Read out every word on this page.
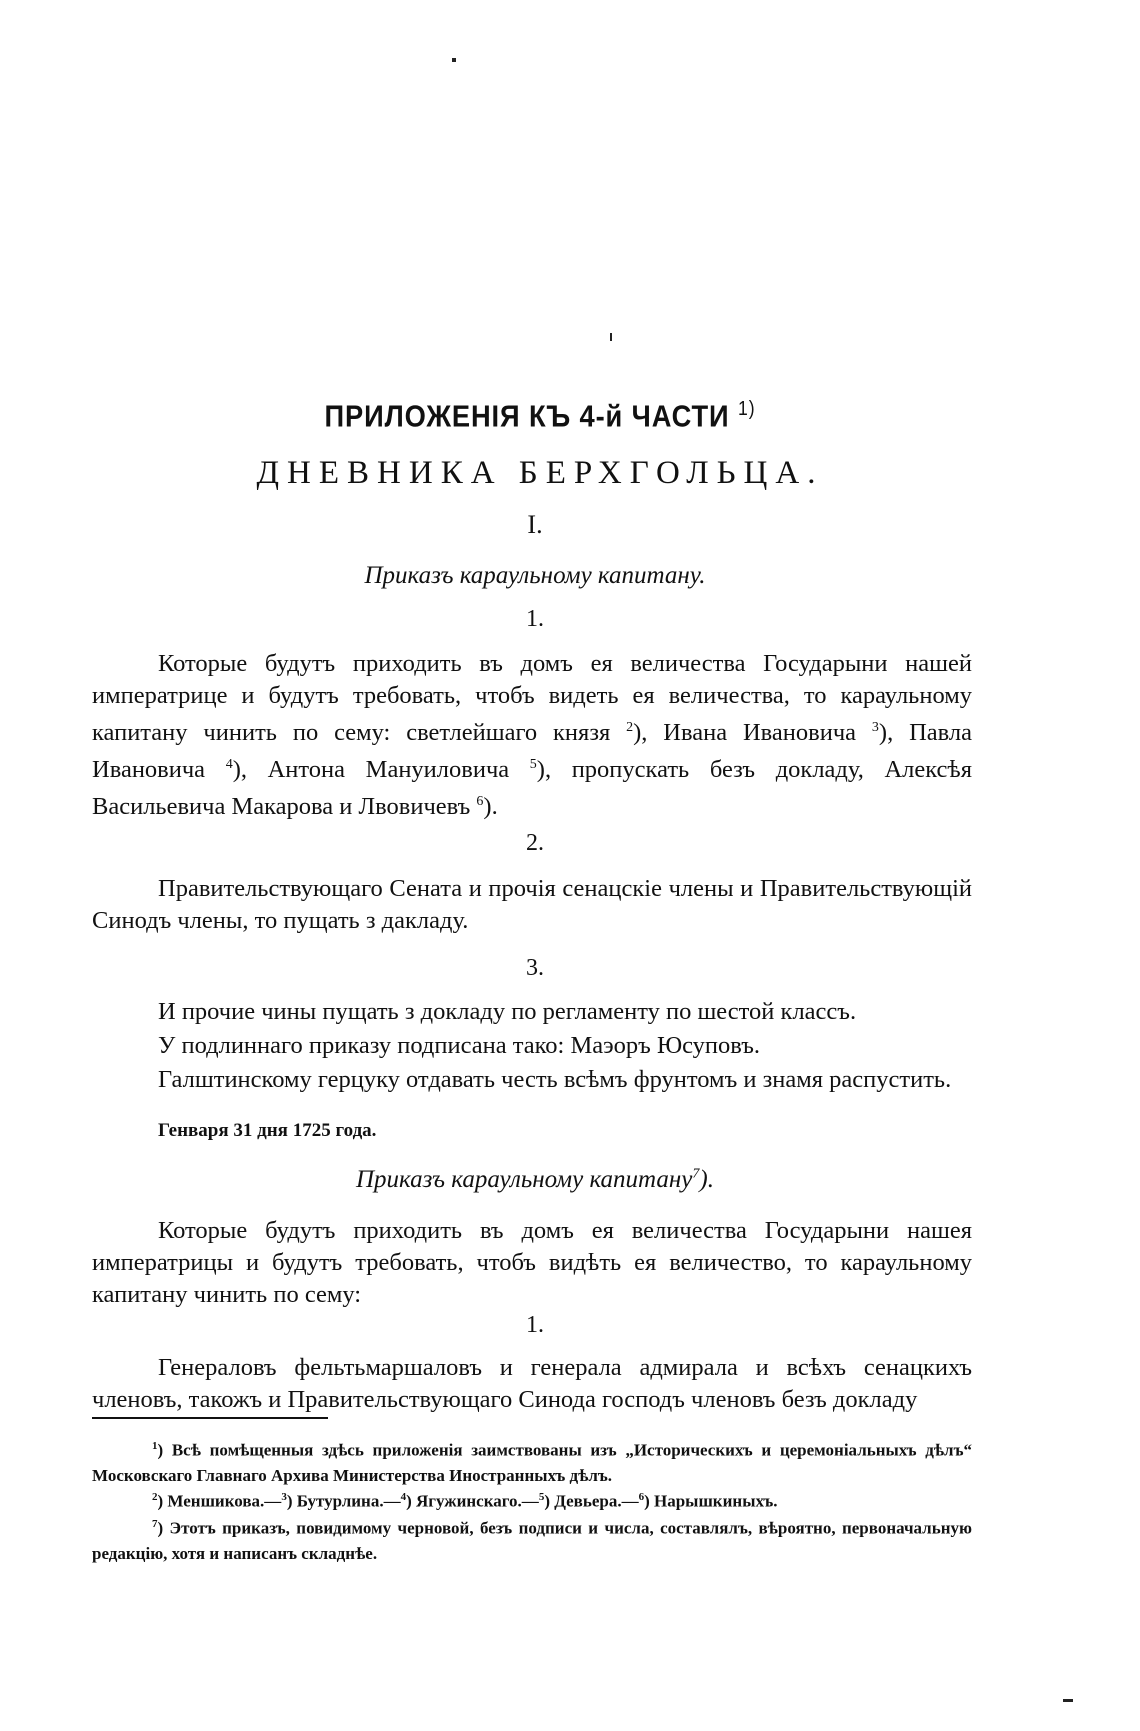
ПРИЛОЖЕНІЯ КЪ 4-й ЧАСТИ $^{1)}$
ДНЕВНИКА БЕРХГОЛЬЦА.
I.
Приказъ караульному капитану.
1.
Которые будутъ приходить въ домъ ея величества Государыни нашей императрице и будутъ требовать, чтобъ видеть ея величества, то караульному капитану чинить по сему: светлейшаго князя $^2$), Ивана Ивановича $^3$), Павла Ивановича $^4$), Антона Мануиловича $^5$), пропускать безъ докладу, Алексѣя Васильевича Макарова и Лвовичевъ $^6$).
2.
Правительствующаго Сената и прочія сенацскіе члены и Правительствующій Синодъ члены, то пущать з дакладу.
3.
И прочие чины пущать з докладу по регламенту по шестой классъ.
У подлиннаго приказу подписана тако: Маэоръ Юсуповъ.
Галштинскому герцуку отдавать честь всѣмъ фрунтомъ и знамя распустить.
Генваря 31 дня 1725 года.
Приказъ караульному капитану$^7$).
Которые будутъ приходить въ домъ ея величества Государыни нашея императрицы и будутъ требовать, чтобъ видѣть ея величество, то караульному капитану чинить по сему:
1.
Генераловъ фельтьмаршаловъ и генерала адмирала и всѣхъ сенацкихъ членовъ, такожъ и Правительствующаго Синода господъ членовъ безъ докладу
$^1$) Всѣ помѣщенныя здѣсь приложенія заимствованы изъ „Историческихъ и церемоніальныхъ дѣлъ“ Московскаго Главнаго Архива Министерства Иностранныхъ дѣлъ.
$^2$) Меншикова.—$^3$) Бутурлина.—$^4$) Ягужинскаго.—$^5$) Девьера.—$^6$) Нарышкиныхъ.
$^7$) Этотъ приказъ, повидимому черновой, безъ подписи и числа, составлялъ, вѣроятно, первоначальную редакцію, хотя и написанъ складнѣе.
